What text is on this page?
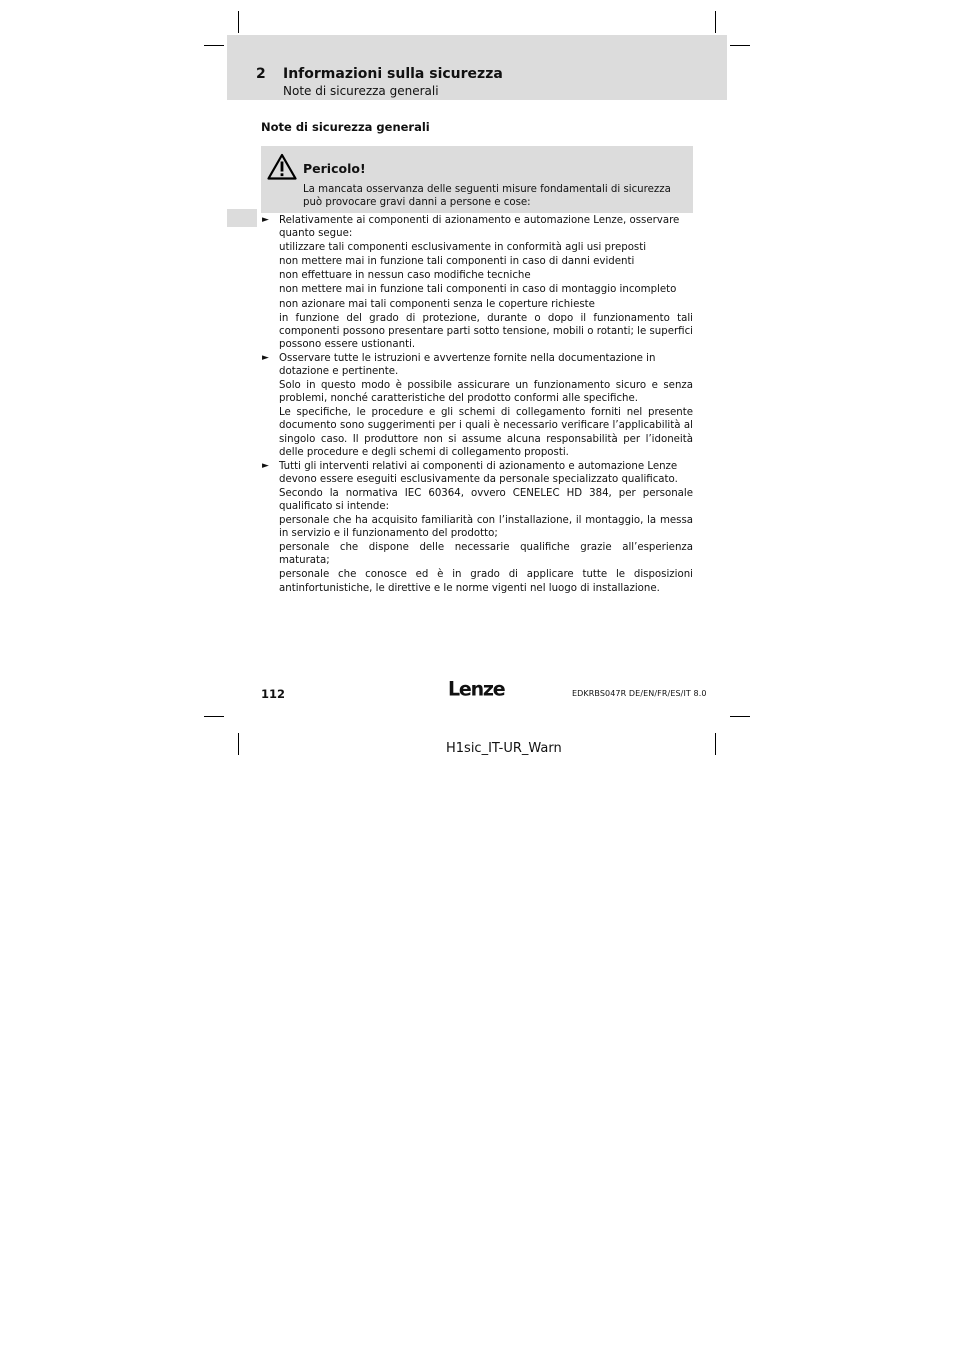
2 Informazioni sulla sicurezza
Note di sicurezza generali
Note di sicurezza generali
Pericolo!
La mancata osservanza delle seguenti misure fondamentali di sicurezza può provocare gravi danni a persone e cose:
► Relativamente ai componenti di azionamento e automazione Lenze, osservare quanto segue:

utilizzare tali componenti esclusivamente in conformità agli usi preposti

non mettere mai in funzione tali componenti in caso di danni evidenti

non effettuare in nessun caso modifiche tecniche

non mettere mai in funzione tali componenti in caso di montaggio incompleto

non azionare mai tali componenti senza le coperture richieste

in funzione del grado di protezione, durante o dopo il funzionamento tali componenti possono presentare parti sotto tensione, mobili o rotanti; le superfici possono essere ustionanti.

► Osservare tutte le istruzioni e avvertenze fornite nella documentazione in dotazione e pertinente.

Solo in questo modo è possibile assicurare un funzionamento sicuro e senza problemi, nonché caratteristiche del prodotto conformi alle specifiche.

Le specifiche, le procedure e gli schemi di collegamento forniti nel presente documento sono suggerimenti per i quali è necessario verificare l’applicabilità al singolo caso. Il produttore non si assume alcuna responsabilità per l’idoneità delle procedure e degli schemi di collegamento proposti.

► Tutti gli interventi relativi ai componenti di azionamento e automazione Lenze devono essere eseguiti esclusivamente da personale specializzato qualificato.

Secondo la normativa IEC 60364, ovvero CENELEC HD 384, per personale qualificato si intende:

personale che ha acquisito familiarità con l’installazione, il montaggio, la messa in servizio e il funzionamento del prodotto;

personale che dispone delle necessarie qualifiche grazie all’esperienza maturata;

personale che conosce ed è in grado di applicare tutte le disposizioni antinfortunistiche, le direttive e le norme vigenti nel luogo di installazione.

112	Lenze	EDKRBS047R DE/EN/FR/ES/IT 8.0
H1sic_IT-UR_Warn
